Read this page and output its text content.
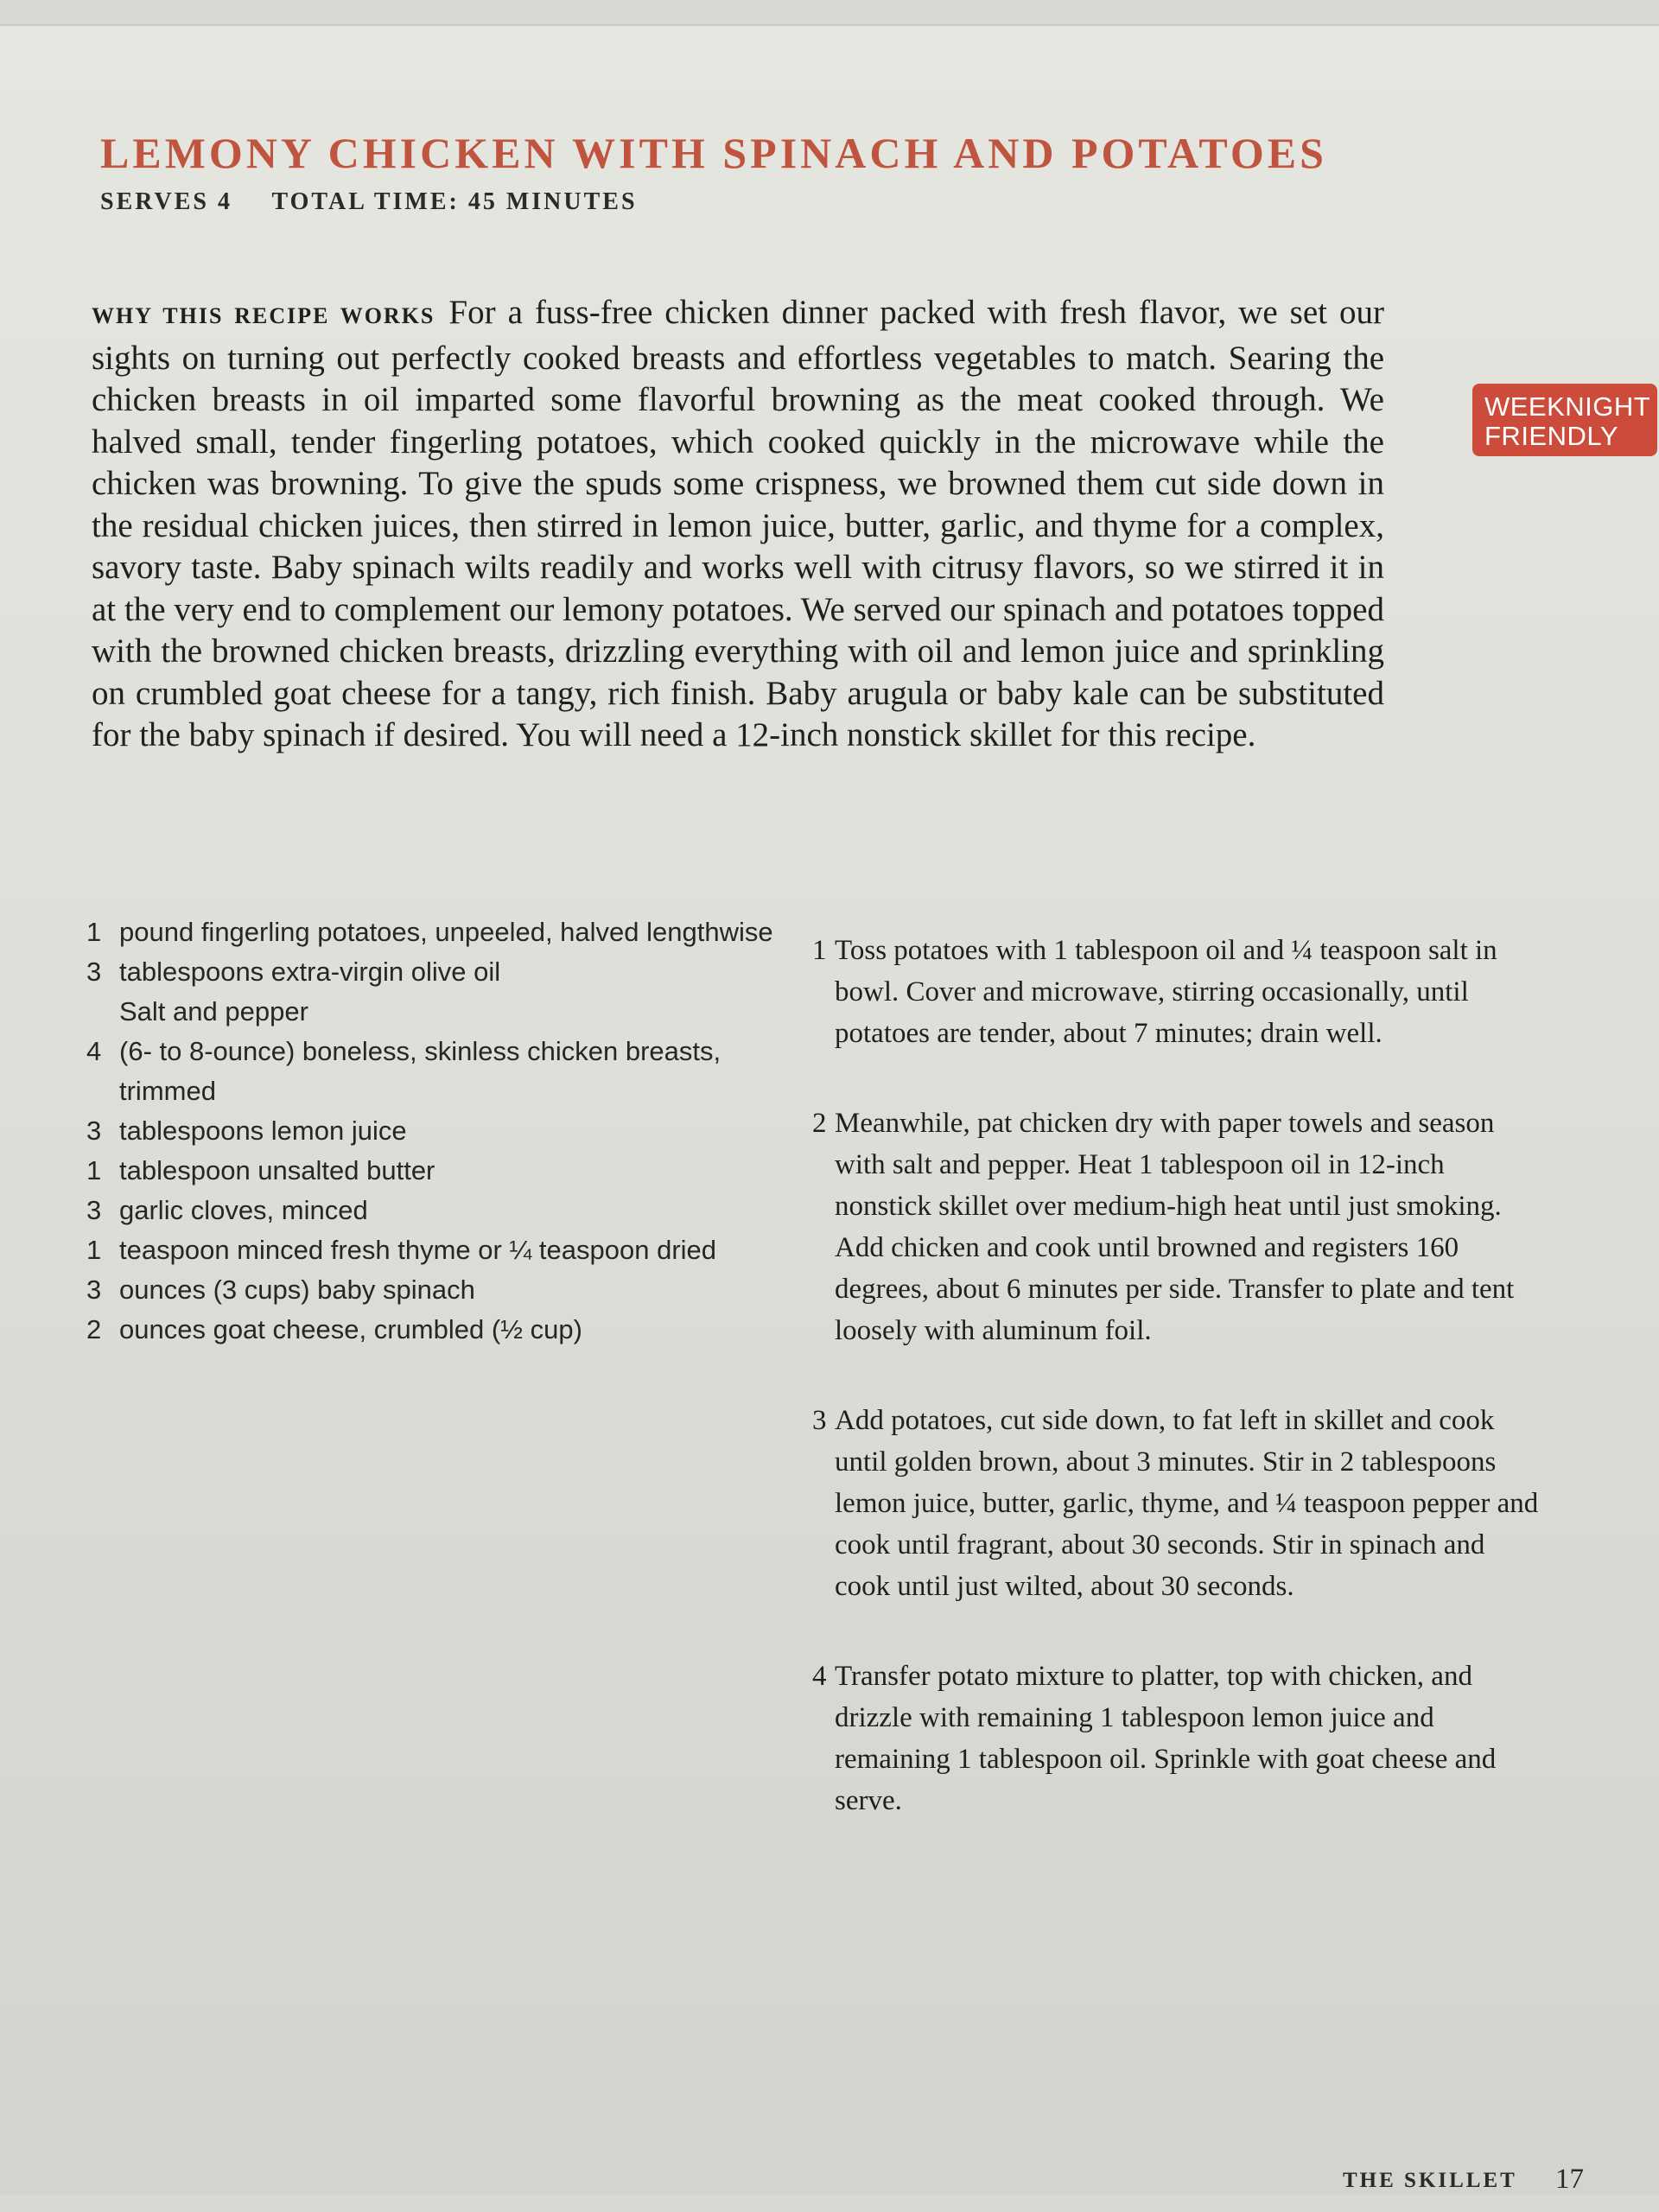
LEMONY CHICKEN WITH SPINACH AND POTATOES
SERVES 4 TOTAL TIME: 45 MINUTES
WHY THIS RECIPE WORKS For a fuss-free chicken dinner packed with fresh flavor, we set our sights on turning out perfectly cooked breasts and effortless vegetables to match. Searing the chicken breasts in oil imparted some flavorful browning as the meat cooked through. We halved small, tender fingerling potatoes, which cooked quickly in the microwave while the chicken was browning. To give the spuds some crispness, we browned them cut side down in the residual chicken juices, then stirred in lemon juice, butter, garlic, and thyme for a complex, savory taste. Baby spinach wilts readily and works well with citrusy flavors, so we stirred it in at the very end to complement our lemony potatoes. We served our spinach and potatoes topped with the browned chicken breasts, drizzling everything with oil and lemon juice and sprinkling on crumbled goat cheese for a tangy, rich finish. Baby arugula or baby kale can be substituted for the baby spinach if desired. You will need a 12-inch nonstick skillet for this recipe.
WEEKNIGHT FRIENDLY
1 pound fingerling potatoes, unpeeled, halved lengthwise
3 tablespoons extra-virgin olive oil
Salt and pepper
4 (6- to 8-ounce) boneless, skinless chicken breasts, trimmed
3 tablespoons lemon juice
1 tablespoon unsalted butter
3 garlic cloves, minced
1 teaspoon minced fresh thyme or ¼ teaspoon dried
3 ounces (3 cups) baby spinach
2 ounces goat cheese, crumbled (½ cup)
1 Toss potatoes with 1 tablespoon oil and ¼ teaspoon salt in bowl. Cover and microwave, stirring occasionally, until potatoes are tender, about 7 minutes; drain well.
2 Meanwhile, pat chicken dry with paper towels and season with salt and pepper. Heat 1 tablespoon oil in 12-inch nonstick skillet over medium-high heat until just smoking. Add chicken and cook until browned and registers 160 degrees, about 6 minutes per side. Transfer to plate and tent loosely with aluminum foil.
3 Add potatoes, cut side down, to fat left in skillet and cook until golden brown, about 3 minutes. Stir in 2 tablespoons lemon juice, butter, garlic, thyme, and ¼ teaspoon pepper and cook until fragrant, about 30 seconds. Stir in spinach and cook until just wilted, about 30 seconds.
4 Transfer potato mixture to platter, top with chicken, and drizzle with remaining 1 tablespoon lemon juice and remaining 1 tablespoon oil. Sprinkle with goat cheese and serve.
THE SKILLET 17
